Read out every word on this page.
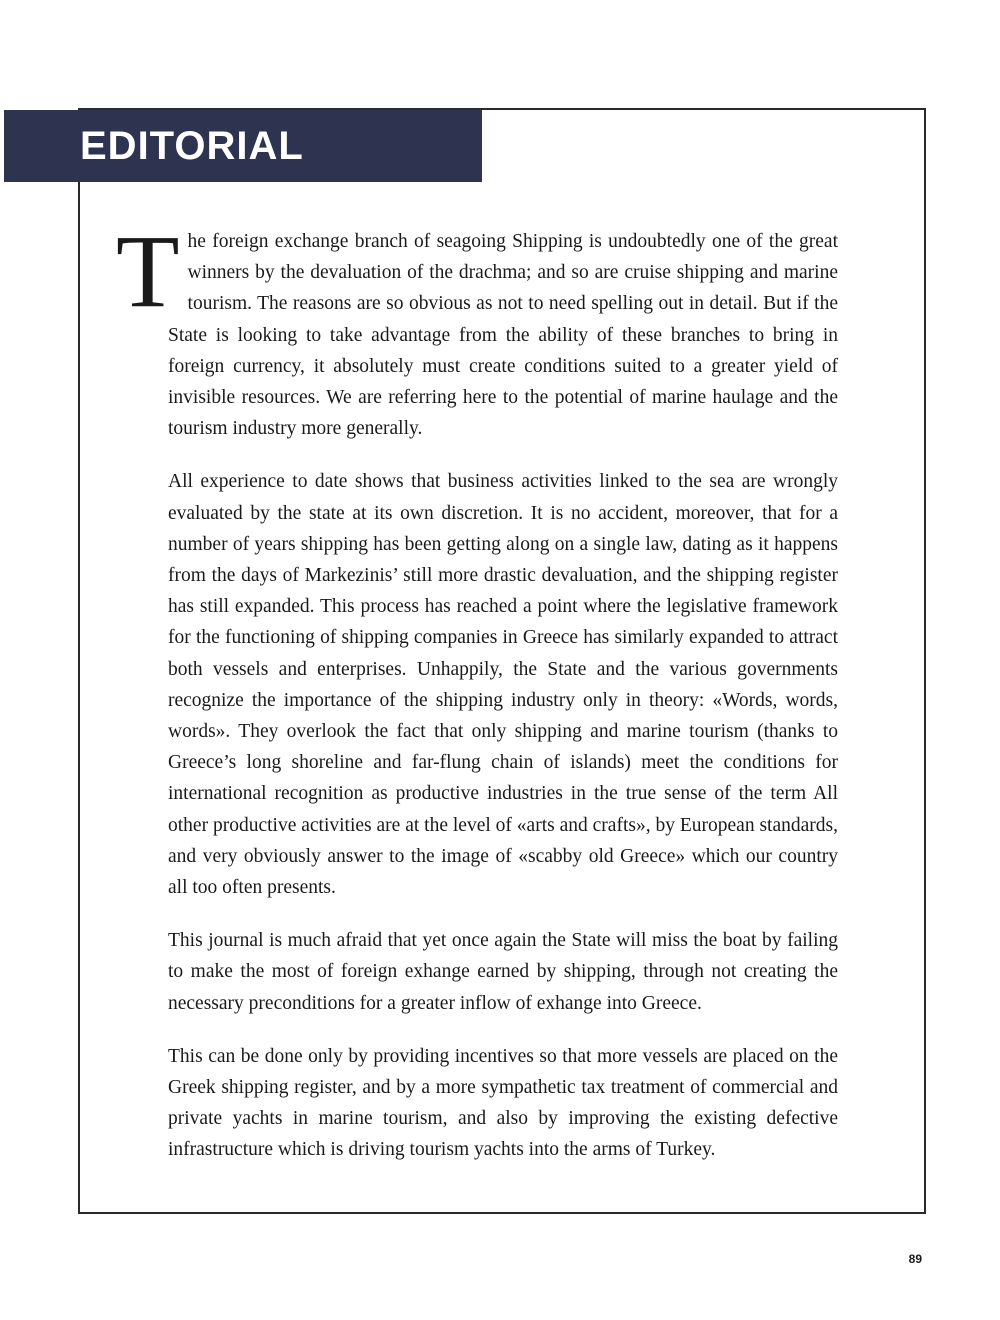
EDITORIAL

The foreign exchange branch of seagoing Shipping is undoubtedly one of the great winners by the devaluation of the drachma; and so are cruise shipping and marine tourism. The reasons are so obvious as not to need spelling out in detail. But if the State is looking to take advantage from the ability of these branches to bring in foreign currency, it absolutely must create conditions suited to a greater yield of invisible resources. We are referring here to the potential of marine haulage and the tourism industry more generally.

All experience to date shows that business activities linked to the sea are wrongly evaluated by the state at its own discretion. It is no accident, moreover, that for a number of years shipping has been getting along on a single law, dating as it happens from the days of Markezinis’ still more drastic devaluation, and the shipping register has still expanded. This process has reached a point where the legislative framework for the functioning of shipping companies in Greece has similarly expanded to attract both vessels and enterprises. Unhappily, the State and the various governments recognize the importance of the shipping industry only in theory: «Words, words, words». They overlook the fact that only shipping and marine tourism (thanks to Greece’s long shoreline and far-flung chain of islands) meet the conditions for international recognition as productive industries in the true sense of the term All other productive activities are at the level of «arts and crafts», by European standards, and very obviously answer to the image of «scabby old Greece» which our country all too often presents.

This journal is much afraid that yet once again the State will miss the boat by failing to make the most of foreign exhange earned by shipping, through not creating the necessary preconditions for a greater inflow of exhange into Greece.

This can be done only by providing incentives so that more vessels are placed on the Greek shipping register, and by a more sympathetic tax treatment of commercial and private yachts in marine tourism, and also by improving the existing defective infrastructure which is driving tourism yachts into the arms of Turkey.

89
